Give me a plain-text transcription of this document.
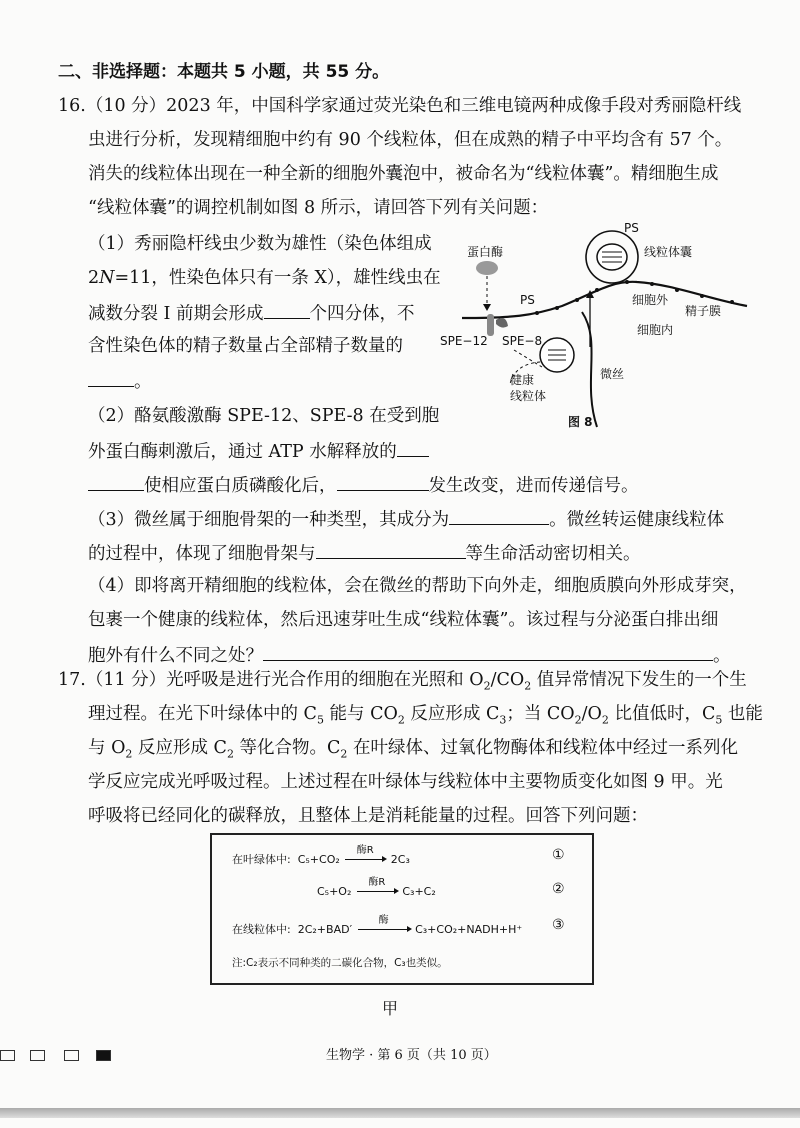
二、非选择题：本题共 5 小题，共 55 分。
16.（10 分）2023 年，中国科学家通过荧光染色和三维电镜两种成像手段对秀丽隐杆线
虫进行分析，发现精细胞中约有 90 个线粒体，但在成熟的精子中平均含有 57 个。
消失的线粒体出现在一种全新的细胞外囊泡中，被命名为“线粒体囊”。精细胞生成
“线粒体囊”的调控机制如图 8 所示，请回答下列有关问题：
（1）秀丽隐杆线虫少数为雄性（染色体组成
2N=11，性染色体只有一条 X），雄性线虫在
减数分裂 I 前期会形成	个四分体，不
含性染色体的精子数量占全部精子数量的
。
（2）酪氨酸激酶 SPE-12、SPE-8 在受到胞
外蛋白酶刺激后，通过 ATP 水解释放的
使相应蛋白质磷酸化后，	发生改变，进而传递信号。
（3）微丝属于细胞骨架的一种类型，其成分为	。微丝转运健康线粒体
的过程中，体现了细胞骨架与	等生命活动密切相关。
（4）即将离开精细胞的线粒体，会在微丝的帮助下向外走，细胞质膜向外形成芽突，
包裹一个健康的线粒体，然后迅速芽吐生成“线粒体囊”。该过程与分泌蛋白排出细
胞外有什么不同之处？	。
蛋白酶
PS
PS
线粒体囊
细胞外
精子膜
细胞内
SPE−12 SPE−8
健康
线粒体
微丝
图 8
17.（11 分）光呼吸是进行光合作用的细胞在光照和 $O_2/CO_2$ 值异常情况下发生的一个生
理过程。在光下叶绿体中的 $C_5$ 能与 $CO_2$ 反应形成 $C_3$；当 $CO_2/O_2$ 比值低时，$C_5$ 也能
与 $O_2$ 反应形成 $C_2$ 等化合物。$C_2$ 在叶绿体、过氧化物酶体和线粒体中经过一系列化
学反应完成光呼吸过程。上述过程在叶绿体与线粒体中主要物质变化如图 9 甲。光
呼吸将已经同化的碳释放，且整体上是消耗能量的过程。回答下列问题：
在叶绿体中: C₅+CO₂
酶R
2C₃	①
C₅+O₂
酶R
C₃+C₂	②
在线粒体中: 2C₂+BAD′
酶
C₃+CO₂+NADH+H⁺ ③
注:C₂表示不同种类的二碳化合物，C₃也类似。
甲
生物学 · 第 6 页（共 10 页）
